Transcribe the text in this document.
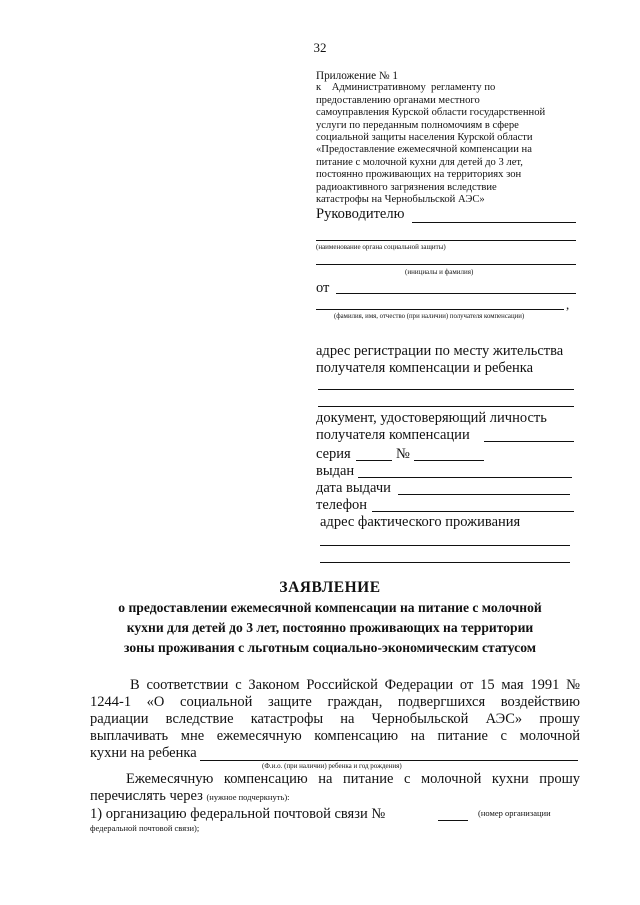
32
Приложение № 1
к    Административному  регламенту по
предоставлению органами местного
самоуправления Курской области государственной
услуги по переданным полномочиям в сфере
социальной защиты населения Курской области
«Предоставление ежемесячной компенсации на
питание с молочной кухни для детей до 3 лет,
постоянно проживающих на территориях зон
радиоактивного загрязнения вследствие
катастрофы на Чернобыльской АЭС»
Руководителю
(наименование органа социальной защиты)
(инициалы и фамилия)
от
,
(фамилия, имя, отчество (при наличии) получателя компенсации)
адрес регистрации по месту жительства
получателя компенсации и ребенка
документ, удостоверяющий личность
получателя компенсации
серия	№
выдан
дата выдачи
телефон
адрес фактического проживания
ЗАЯВЛЕНИЕ
о предоставлении ежемесячной компенсации на питание с молочной
кухни для детей до 3 лет, постоянно проживающих на территории
зоны проживания с льготным социально-экономическим статусом
В соответствии с Законом Российской Федерации от 15 мая 1991 №
1244-1 «О социальной защите граждан, подвергшихся воздействию
радиации вследствие катастрофы на Чернобыльской АЭС» прошу
выплачивать мне ежемесячную компенсацию на питание с молочной
кухни на ребенка
(Ф.и.о. (при наличии) ребенка и год рождения)
Ежемесячную компенсацию на питание с молочной кухни прошу
перечислять через (нужное подчеркнуть):
1) организацию федеральной почтовой связи №	(номер организации
федеральной почтовой связи);
